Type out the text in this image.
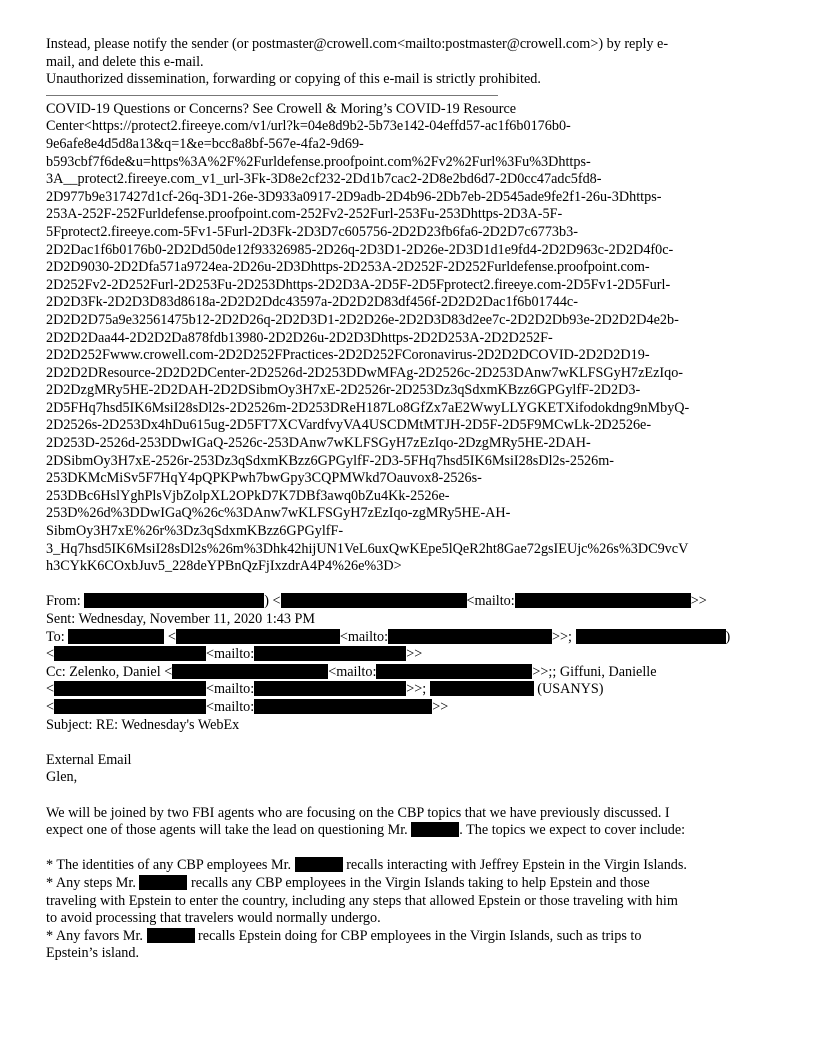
Instead, please notify the sender (or postmaster@crowell.com<mailto:postmaster@crowell.com>) by reply e-
mail, and delete this e-mail.
Unauthorized dissemination, forwarding or copying of this e-mail is strictly prohibited.
COVID-19 Questions or Concerns? See Crowell & Moring’s COVID-19 Resource
Center<https://protect2.fireeye.com/v1/url?k=04e8d9b2-5b73e142-04effd57-ac1f6b0176b0-
9e6afe8e4d5d8a13&q=1&e=bcc8a8bf-567e-4fa2-9d69-
b593cbf7f6de&u=https%3A%2F%2Furldefense.proofpoint.com%2Fv2%2Furl%3Fu%3Dhttps-
3A__protect2.fireeye.com_v1_url-3Fk-3D8e2cf232-2Dd1b7cac2-2D8e2bd6d7-2D0cc47adc5fd8-
2D977b9e317427d1cf-26q-3D1-26e-3D933a0917-2D9adb-2D4b96-2Db7eb-2D545ade9fe2f1-26u-3Dhttps-
253A-252F-252Furldefense.proofpoint.com-252Fv2-252Furl-253Fu-253Dhttps-2D3A-5F-
5Fprotect2.fireeye.com-5Fv1-5Furl-2D3Fk-2D3D7c605756-2D2D23fb6fa6-2D2D7c6773b3-
2D2Dac1f6b0176b0-2D2Dd50de12f93326985-2D26q-2D3D1-2D26e-2D3D1d1e9fd4-2D2D963c-2D2D4f0c-
2D2D9030-2D2Dfa571a9724ea-2D26u-2D3Dhttps-2D253A-2D252F-2D252Furldefense.proofpoint.com-
2D252Fv2-2D252Furl-2D253Fu-2D253Dhttps-2D2D3A-2D5F-2D5Fprotect2.fireeye.com-2D5Fv1-2D5Furl-
2D2D3Fk-2D2D3D83d8618a-2D2D2Ddc43597a-2D2D2D83df456f-2D2D2Dac1f6b01744c-
2D2D2D75a9e32561475b12-2D2D26q-2D2D3D1-2D2D26e-2D2D3D83d2ee7c-2D2D2Db93e-2D2D2D4e2b-
2D2D2Daa44-2D2D2Da878fdb13980-2D2D26u-2D2D3Dhttps-2D2D253A-2D2D252F-
2D2D252Fwww.crowell.com-2D2D252FPractices-2D2D252FCoronavirus-2D2D2DCOVID-2D2D2D19-
2D2D2DResource-2D2D2DCenter-2D2526d-2D253DDwMFAg-2D2526c-2D253DAnw7wKLFSGyH7zEzIqo-
2D2DzgMRy5HE-2D2DAH-2D2DSibmOy3H7xE-2D2526r-2D253Dz3qSdxmKBzz6GPGylfF-2D2D3-
2D5FHq7hsd5IK6MsiI28sDl2s-2D2526m-2D253DReH187Lo8GfZx7aE2WwyLLYGKETXifodokdng9nMbyQ-
2D2526s-2D253Dx4hDu615ug-2D5FT7XCVardfvyVA4USCDMtMTJH-2D5F-2D5F9MCwLk-2D2526e-
2D253D-2526d-253DDwIGaQ-2526c-253DAnw7wKLFSGyH7zEzIqo-2DzgMRy5HE-2DAH-
2DSibmOy3H7xE-2526r-253Dz3qSdxmKBzz6GPGylfF-2D3-5FHq7hsd5IK6MsiI28sDl2s-2526m-
253DKMcMiSv5F7HqY4pQPKPwh7bwGpy3CQPMWkd7Oauvox8-2526s-
253DBc6HslYghPlsVjbZolpXL2OPkD7K7DBf3awq0bZu4Kk-2526e-
253D%26d%3DDwIGaQ%26c%3DAnw7wKLFSGyH7zEzIqo-zgMRy5HE-AH-
SibmOy3H7xE%26r%3Dz3qSdxmKBzz6GPGylfF-
3_Hq7hsd5IK6MsiI28sDl2s%26m%3Dhk42hijUN1VeL6uxQwKEpe5lQeR2ht8Gae72gsIEUjc%26s%3DC9vcV
h3CYkK6COxbJuv5_228deYPBnQzFjIxzdrA4P4%26e%3D>
From:	) <	<mailto:	>>
Sent: Wednesday, November 11, 2020 1:43 PM
To:	<	<mailto:	>>;	)
<	<mailto:	>>
Cc: Zelenko, Daniel <	<mailto:	>>;; Giffuni, Danielle
<	<mailto:	>>;	(USANYS)
<	<mailto:	>>
Subject: RE: Wednesday's WebEx
External Email
Glen,
We will be joined by two FBI agents who are focusing on the CBP topics that we have previously discussed. I
expect one of those agents will take the lead on questioning Mr.	. The topics we expect to cover include:
* The identities of any CBP employees Mr.	recalls interacting with Jeffrey Epstein in the Virgin Islands.
* Any steps Mr.	recalls any CBP employees in the Virgin Islands taking to help Epstein and those
traveling with Epstein to enter the country, including any steps that allowed Epstein or those traveling with him
to avoid processing that travelers would normally undergo.
* Any favors Mr.	recalls Epstein doing for CBP employees in the Virgin Islands, such as trips to
Epstein’s island.
